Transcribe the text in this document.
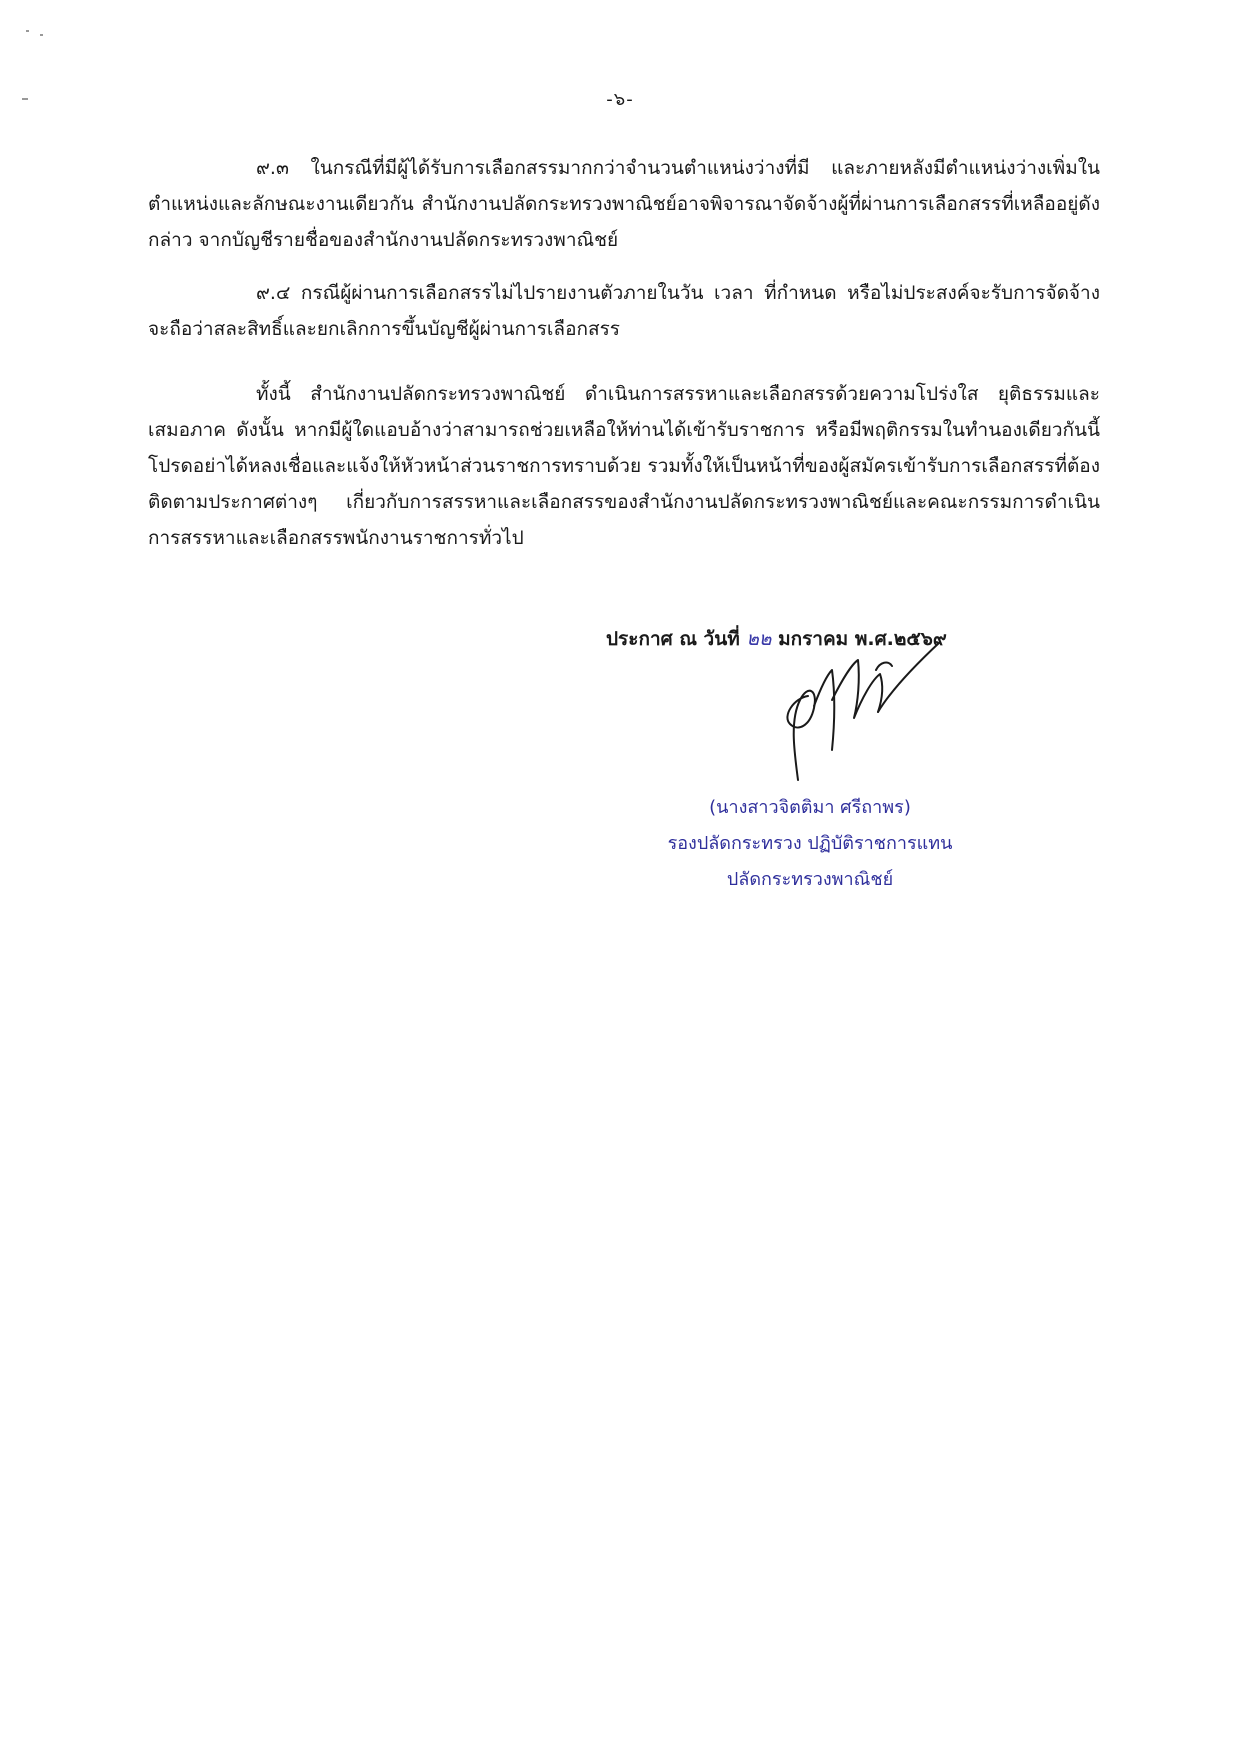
-๖-

๙.๓ ในกรณีที่มีผู้ได้รับการเลือกสรรมากกว่าจำนวนตำแหน่งว่างที่มี และภายหลังมีตำแหน่งว่างเพิ่มในตำแหน่งและลักษณะงานเดียวกัน สำนักงานปลัดกระทรวงพาณิชย์อาจพิจารณาจัดจ้างผู้ที่ผ่านการเลือกสรรที่เหลืออยู่ดังกล่าว จากบัญชีรายชื่อของสำนักงานปลัดกระทรวงพาณิชย์

๙.๔ กรณีผู้ผ่านการเลือกสรรไม่ไปรายงานตัวภายในวัน เวลา ที่กำหนด หรือไม่ประสงค์จะรับการจัดจ้าง จะถือว่าสละสิทธิ์และยกเลิกการขึ้นบัญชีผู้ผ่านการเลือกสรร

ทั้งนี้ สำนักงานปลัดกระทรวงพาณิชย์ ดำเนินการสรรหาและเลือกสรรด้วยความโปร่งใส ยุติธรรมและเสมอภาค ดังนั้น หากมีผู้ใดแอบอ้างว่าสามารถช่วยเหลือให้ท่านได้เข้ารับราชการ หรือมีพฤติกรรมในทำนองเดียวกันนี้ โปรดอย่าได้หลงเชื่อและแจ้งให้หัวหน้าส่วนราชการทราบด้วย รวมทั้งให้เป็นหน้าที่ของผู้สมัครเข้ารับการเลือกสรรที่ต้องติดตามประกาศต่างๆ เกี่ยวกับการสรรหาและเลือกสรรของสำนักงานปลัดกระทรวงพาณิชย์และคณะกรรมการดำเนินการสรรหาและเลือกสรรพนักงานราชการทั่วไป

ประกาศ ณ วันที่ ๒๒ มกราคม พ.ศ.๒๕๖๙
(นางสาวจิตติมา ศรีถาพร)
รองปลัดกระทรวง ปฏิบัติราชการแทน
ปลัดกระทรวงพาณิชย์
